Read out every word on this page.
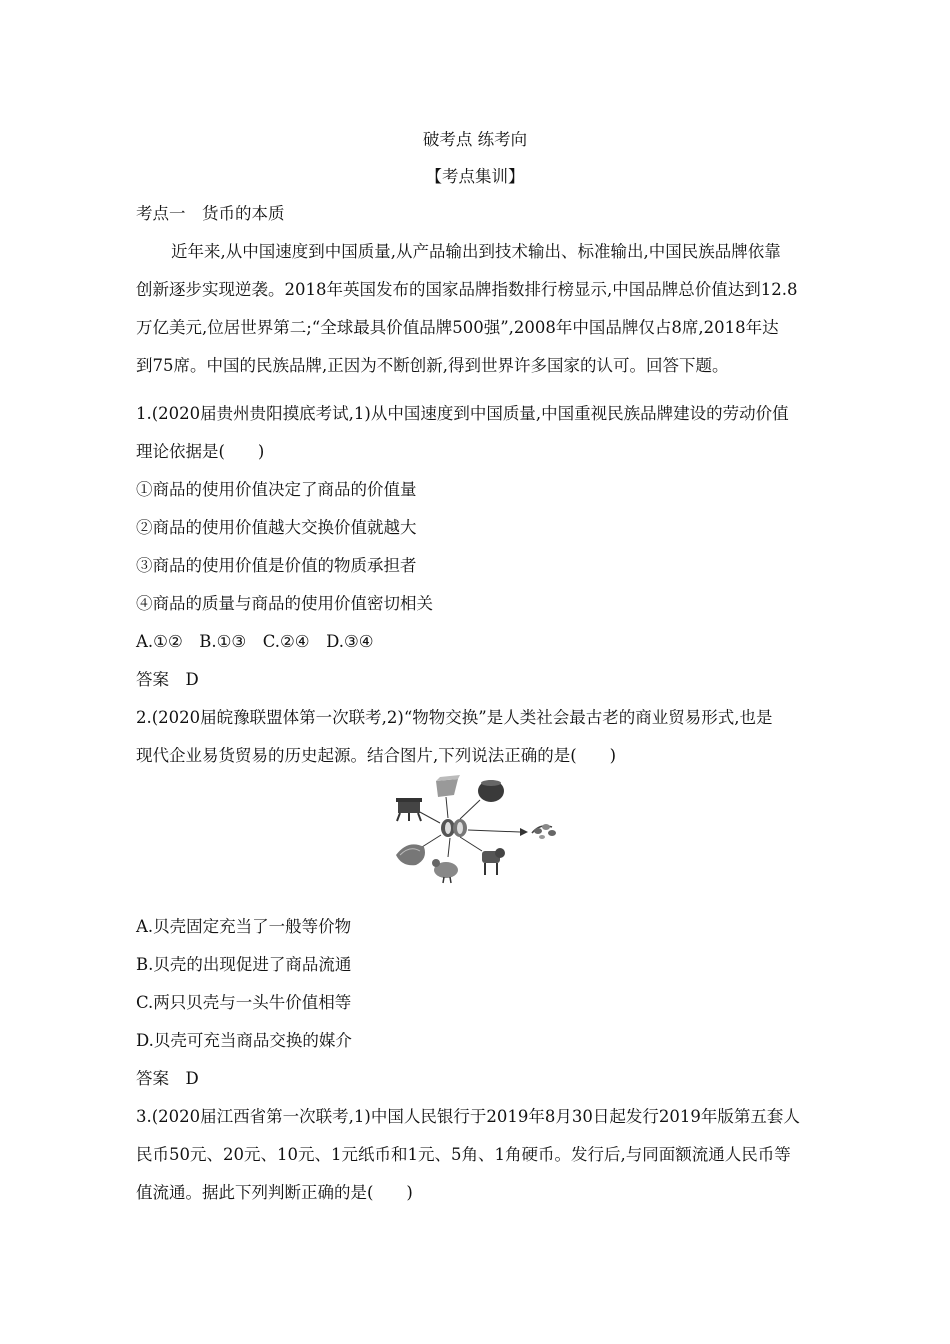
破考点 练考向
【考点集训】
考点一　货币的本质
近年来,从中国速度到中国质量,从产品输出到技术输出、标准输出,中国民族品牌依靠
创新逐步实现逆袭。2018年英国发布的国家品牌指数排行榜显示,中国品牌总价值达到12.8
万亿美元,位居世界第二;“全球最具价值品牌500强”,2008年中国品牌仅占8席,2018年达
到75席。中国的民族品牌,正因为不断创新,得到世界许多国家的认可。回答下题。
1.(2020届贵州贵阳摸底考试,1)从中国速度到中国质量,中国重视民族品牌建设的劳动价值
理论依据是(　　)
①商品的使用价值决定了商品的价值量
②商品的使用价值越大交换价值就越大
③商品的使用价值是价值的物质承担者
④商品的质量与商品的使用价值密切相关
A.①②　B.①③　C.②④　D.③④
答案　D
2.(2020届皖豫联盟体第一次联考,2)“物物交换”是人类社会最古老的商业贸易形式,也是
现代企业易货贸易的历史起源。结合图片,下列说法正确的是(　　)
A.贝壳固定充当了一般等价物
B.贝壳的出现促进了商品流通
C.两只贝壳与一头牛价值相等
D.贝壳可充当商品交换的媒介
答案　D
3.(2020届江西省第一次联考,1)中国人民银行于2019年8月30日起发行2019年版第五套人
民币50元、20元、10元、1元纸币和1元、5角、1角硬币。发行后,与同面额流通人民币等
值流通。据此下列判断正确的是(　　)
